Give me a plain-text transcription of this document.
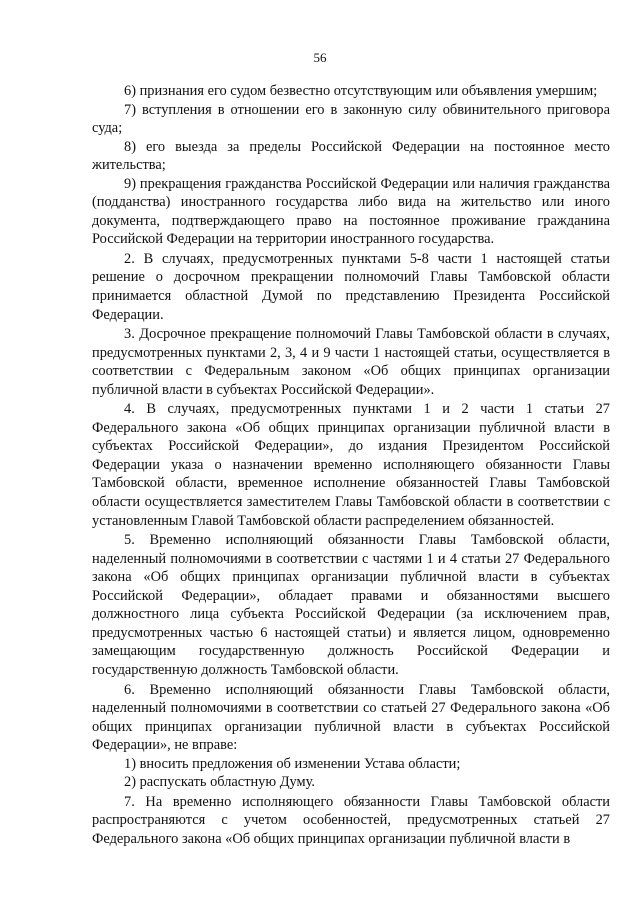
56

6) признания его судом безвестно отсутствующим или объявления умершим;

7) вступления в отношении его в законную силу обвинительного приговора суда;

8) его выезда за пределы Российской Федерации на постоянное место жительства;

9) прекращения гражданства Российской Федерации или наличия гражданства (подданства) иностранного государства либо вида на жительство или иного документа, подтверждающего право на постоянное проживание гражданина Российской Федерации на территории иностранного государства.

2. В случаях, предусмотренных пунктами 5-8 части 1 настоящей статьи решение о досрочном прекращении полномочий Главы Тамбовской области принимается областной Думой по представлению Президента Российской Федерации.

3. Досрочное прекращение полномочий Главы Тамбовской области в случаях, предусмотренных пунктами 2, 3, 4 и 9 части 1 настоящей статьи, осуществляется в соответствии с Федеральным законом «Об общих принципах организации публичной власти в субъектах Российской Федерации».

4. В случаях, предусмотренных пунктами 1 и 2 части 1 статьи 27 Федерального закона «Об общих принципах организации публичной власти в субъектах Российской Федерации», до издания Президентом Российской Федерации указа о назначении временно исполняющего обязанности Главы Тамбовской области, временное исполнение обязанностей Главы Тамбовской области осуществляется заместителем Главы Тамбовской области в соответствии с установленным Главой Тамбовской области распределением обязанностей.

5. Временно исполняющий обязанности Главы Тамбовской области, наделенный полномочиями в соответствии с частями 1 и 4 статьи 27 Федерального закона «Об общих принципах организации публичной власти в субъектах Российской Федерации», обладает правами и обязанностями высшего должностного лица субъекта Российской Федерации (за исключением прав, предусмотренных частью 6 настоящей статьи) и является лицом, одновременно замещающим государственную должность Российской Федерации и государственную должность Тамбовской области.

6. Временно исполняющий обязанности Главы Тамбовской области, наделенный полномочиями в соответствии со статьей 27 Федерального закона «Об общих принципах организации публичной власти в субъектах Российской Федерации», не вправе:

1) вносить предложения об изменении Устава области;

2) распускать областную Думу.

7. На временно исполняющего обязанности Главы Тамбовской области распространяются с учетом особенностей, предусмотренных статьей 27 Федерального закона «Об общих принципах организации публичной власти в
